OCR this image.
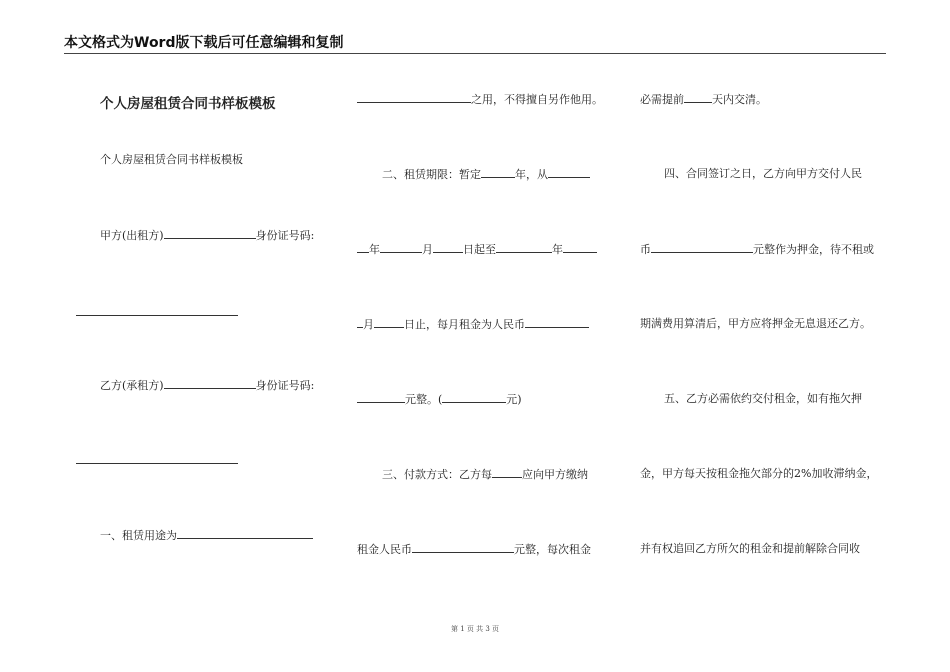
本文格式为Word版下载后可任意编辑和复制
个人房屋租赁合同书样板模板
个人房屋租赁合同书样板模板
甲方(出租方)	身份证号码:
乙方(承租方)	身份证号码:
一、租赁用途为
之用，不得擅自另作他用。
二、租赁期限：暂定	年，从
年	月	日起至	年
月	日止，每月租金为人民币
元整。(	元)
三、付款方式：乙方每	应向甲方缴纳
租金人民币	元整，每次租金
必需提前	天内交清。
四、合同签订之日，乙方向甲方交付人民
币	元整作为押金，待不租或
期满费用算清后，甲方应将押金无息退还乙方。
五、乙方必需依约交付租金，如有拖欠押
金，甲方每天按租金拖欠部分的2%加收滞纳金，
并有权追回乙方所欠的租金和提前解除合同收
第 1 页 共 3 页
